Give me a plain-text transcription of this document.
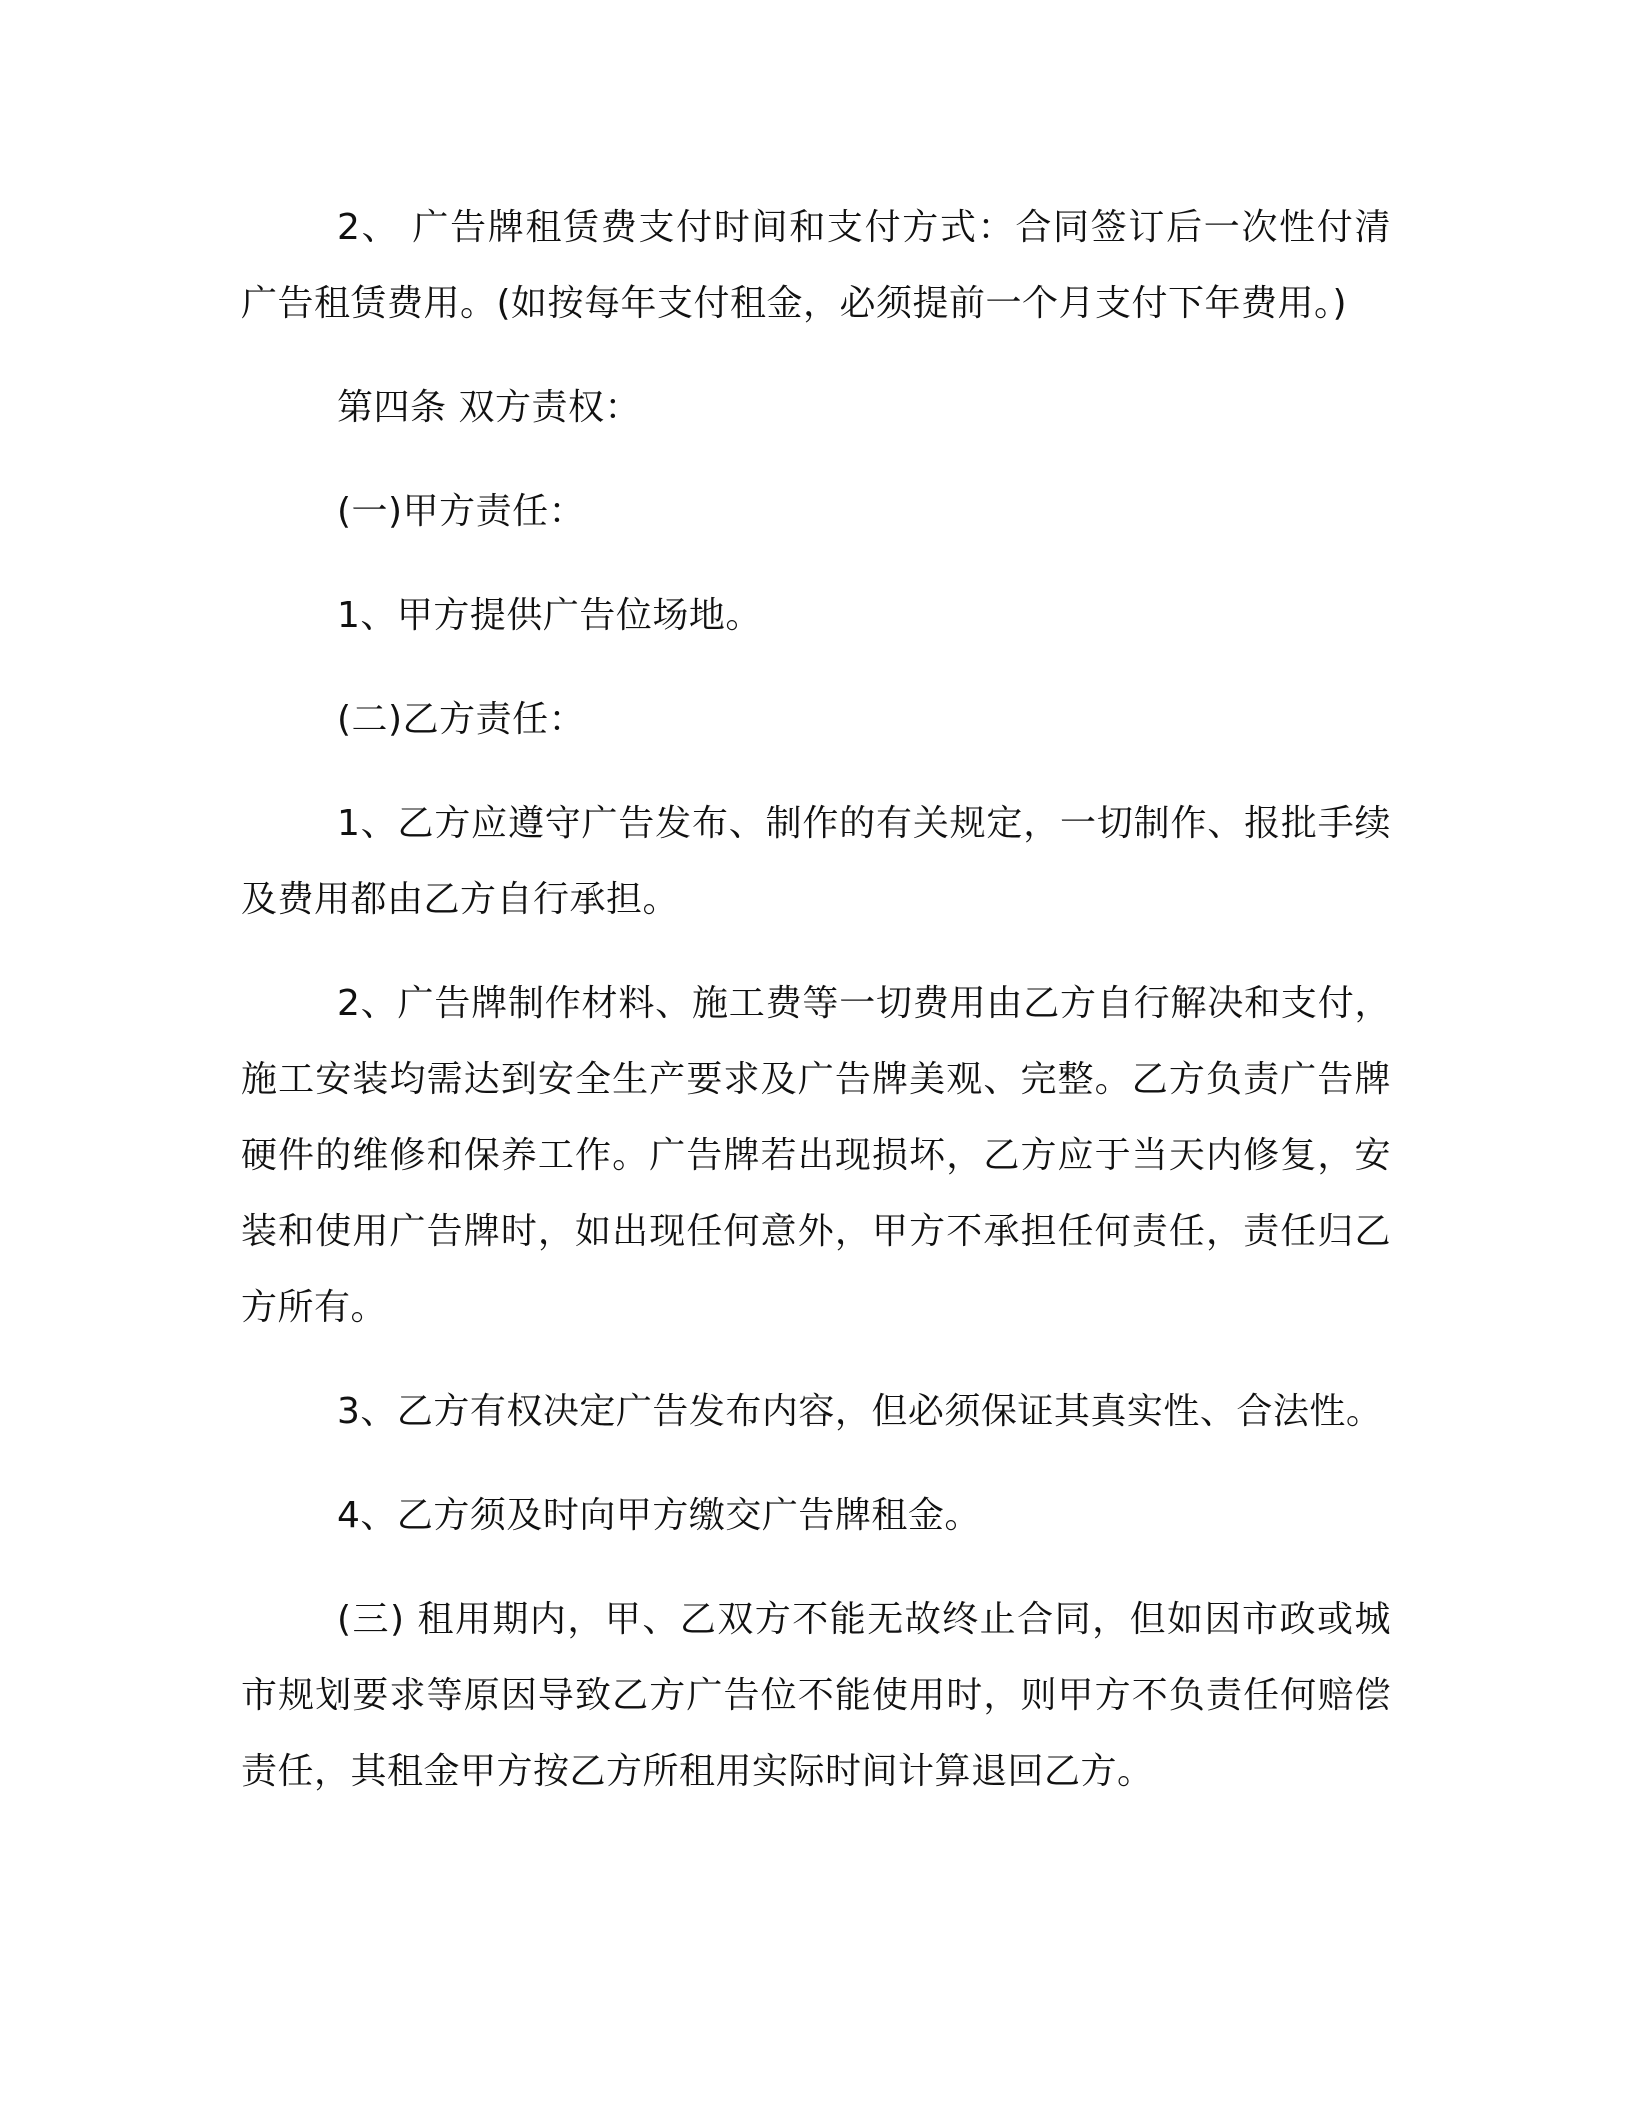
2、 广告牌租赁费支付时间和支付方式：合同签订后一次性付清广告租赁费用。(如按每年支付租金，必须提前一个月支付下年费用。)

第四条 双方责权：

(一)甲方责任：

1、甲方提供广告位场地。

(二)乙方责任：

1、乙方应遵守广告发布、制作的有关规定，一切制作、报批手续及费用都由乙方自行承担。

2、广告牌制作材料、施工费等一切费用由乙方自行解决和支付，施工安装均需达到安全生产要求及广告牌美观、完整。乙方负责广告牌硬件的维修和保养工作。广告牌若出现损坏，乙方应于当天内修复，安装和使用广告牌时，如出现任何意外，甲方不承担任何责任，责任归乙方所有。

3、乙方有权决定广告发布内容，但必须保证其真实性、合法性。

4、乙方须及时向甲方缴交广告牌租金。

(三) 租用期内，甲、乙双方不能无故终止合同，但如因市政或城市规划要求等原因导致乙方广告位不能使用时，则甲方不负责任何赔偿责任，其租金甲方按乙方所租用实际时间计算退回乙方。
